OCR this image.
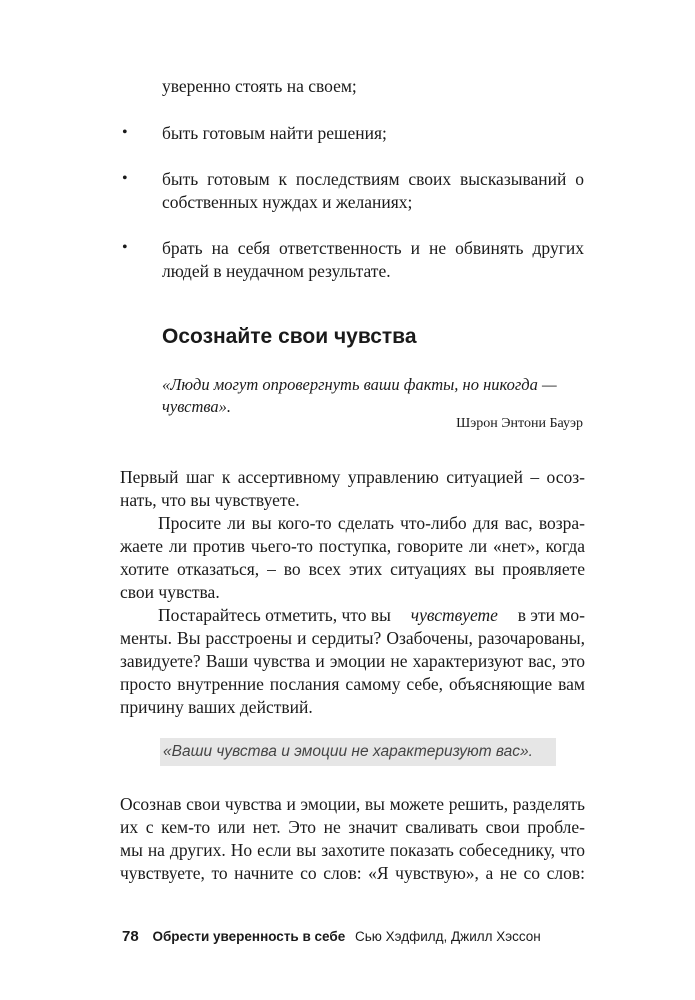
уверенно стоять на своем;
• быть готовым найти решения;
• быть готовым к последствиям своих высказываний о
собственных нуждах и желаниях;
• брать на себя ответственность и не обвинять других
людей в неудачном результате.
Осознайте свои чувства
«Люди могут опровергнуть ваши факты, но никогда —
чувства».
Шэрон Энтони Бауэр
Первый шаг к ассертивному управлению ситуацией – осоз-
нать, что вы чувствуете.
Просите ли вы кого-то сделать что-либо для вас, возра-
жаете ли против чьего-то поступка, говорите ли «нет», когда
хотите отказаться, – во всех этих ситуациях вы проявляете
свои чувства.
Постарайтесь отметить, что вы чувствуете в эти мо-
менты. Вы расстроены и сердиты? Озабочены, разочарованы,
завидуете? Ваши чувства и эмоции не характеризуют вас, это
просто внутренние послания самому себе, объясняющие вам
причину ваших действий.
«Ваши чувства и эмоции не характеризуют вас».
Осознав свои чувства и эмоции, вы можете решить, разделять
их с кем-то или нет. Это не значит сваливать свои пробле-
мы на других. Но если вы захотите показать собеседнику, что
чувствуете, то начните со слов: «Я чувствую», а не со слов:
78 Обрести уверенность в себе Сью Хэдфилд, Джилл Хэссон
